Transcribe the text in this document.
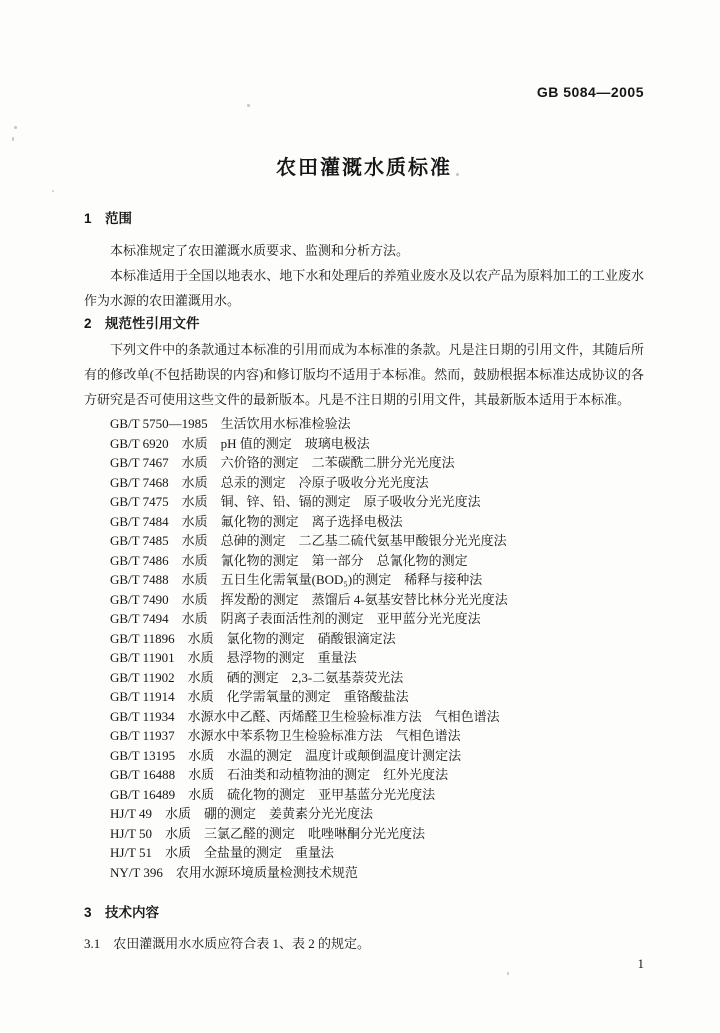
GB 5084—2005
农田灌溉水质标准
1　范围
本标准规定了农田灌溉水质要求、监测和分析方法。
本标准适用于全国以地表水、地下水和处理后的养殖业废水及以农产品为原料加工的工业废水作为水源的农田灌溉用水。
2　规范性引用文件
下列文件中的条款通过本标准的引用而成为本标准的条款。凡是注日期的引用文件，其随后所有的修改单(不包括勘误的内容)和修订版均不适用于本标准。然而，鼓励根据本标准达成协议的各方研究是否可使用这些文件的最新版本。凡是不注日期的引用文件，其最新版本适用于本标准。
GB/T 5750—1985　生活饮用水标准检验法
GB/T 6920　水质　pH 值的测定　玻璃电极法
GB/T 7467　水质　六价铬的测定　二苯碳酰二肼分光光度法
GB/T 7468　水质　总汞的测定　冷原子吸收分光光度法
GB/T 7475　水质　铜、锌、铅、镉的测定　原子吸收分光光度法
GB/T 7484　水质　氟化物的测定　离子选择电极法
GB/T 7485　水质　总砷的测定　二乙基二硫代氨基甲酸银分光光度法
GB/T 7486　水质　氰化物的测定　第一部分　总氰化物的测定
GB/T 7488　水质　五日生化需氧量(BOD₅)的测定　稀释与接种法
GB/T 7490　水质　挥发酚的测定　蒸馏后 4-氨基安替比林分光光度法
GB/T 7494　水质　阴离子表面活性剂的测定　亚甲蓝分光光度法
GB/T 11896　水质　氯化物的测定　硝酸银滴定法
GB/T 11901　水质　悬浮物的测定　重量法
GB/T 11902　水质　硒的测定　2,3-二氨基萘荧光法
GB/T 11914　水质　化学需氧量的测定　重铬酸盐法
GB/T 11934　水源水中乙醛、丙烯醛卫生检验标准方法　气相色谱法
GB/T 11937　水源水中苯系物卫生检验标准方法　气相色谱法
GB/T 13195　水质　水温的测定　温度计或颠倒温度计测定法
GB/T 16488　水质　石油类和动植物油的测定　红外光度法
GB/T 16489　水质　硫化物的测定　亚甲基蓝分光光度法
HJ/T 49　水质　硼的测定　姜黄素分光光度法
HJ/T 50　水质　三氯乙醛的测定　吡唑啉酮分光光度法
HJ/T 51　水质　全盐量的测定　重量法
NY/T 396　农用水源环境质量检测技术规范
3　技术内容
3.1　农田灌溉用水水质应符合表 1、表 2 的规定。
1
